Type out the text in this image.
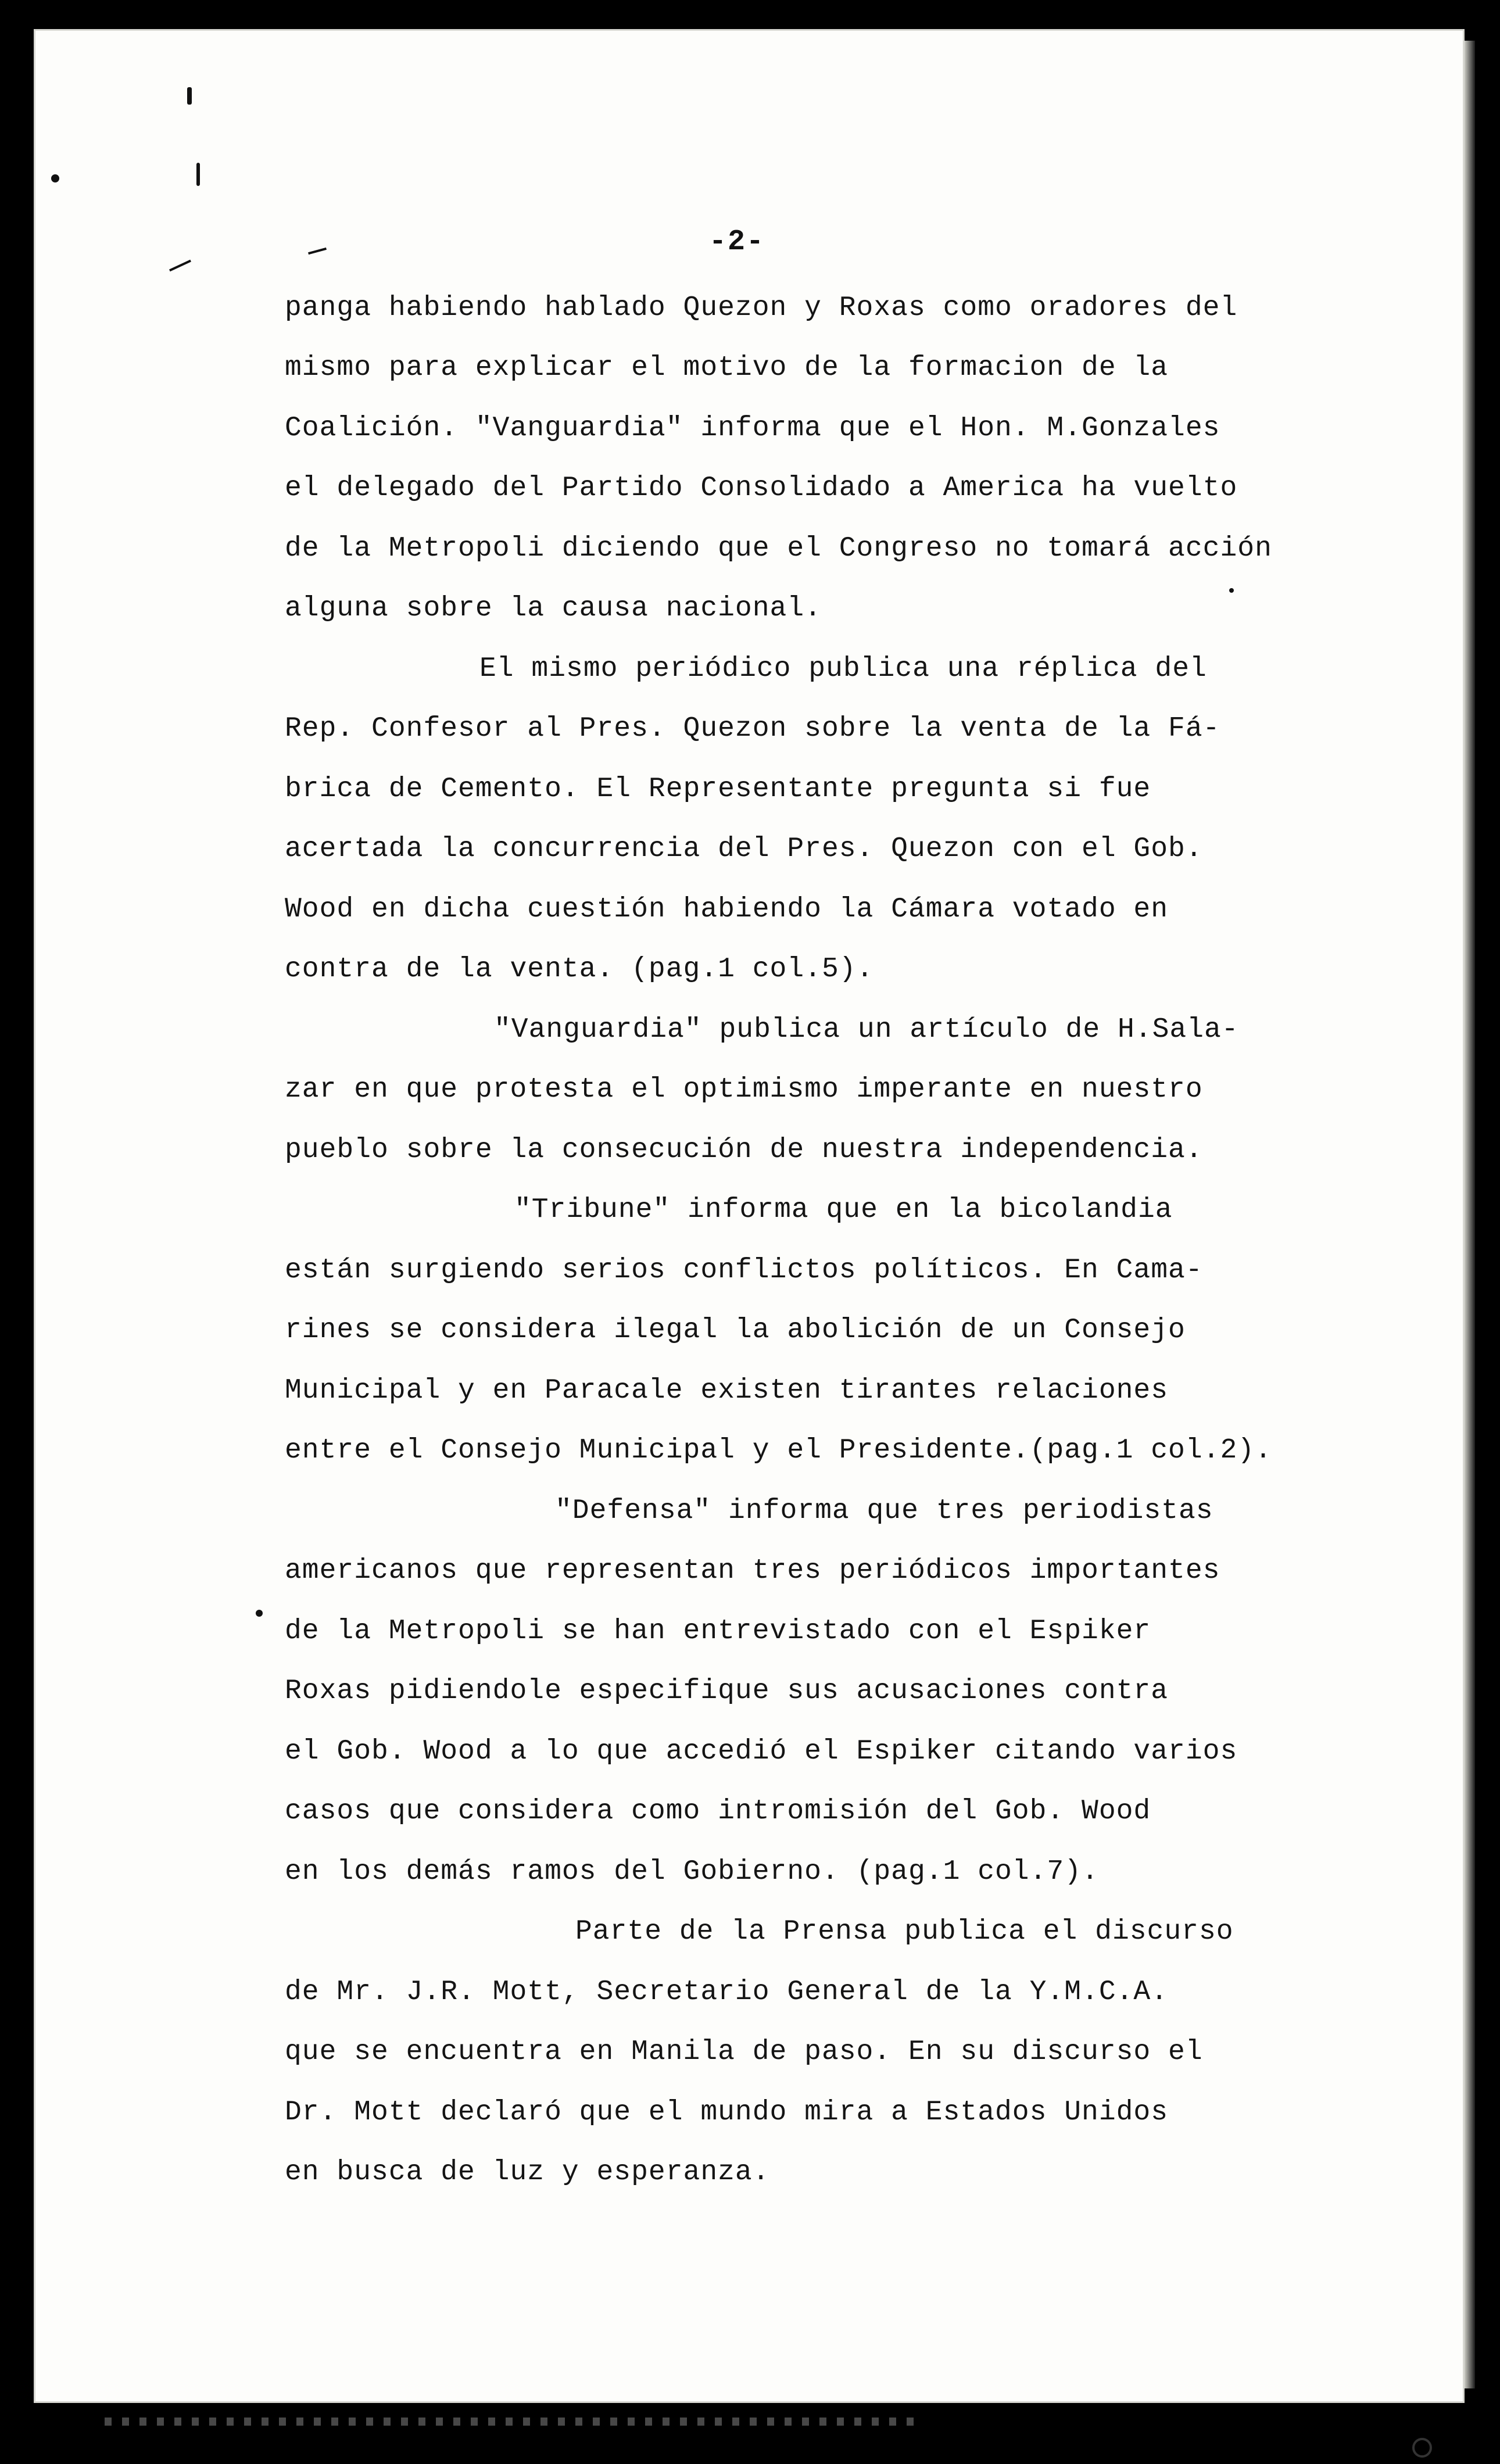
-2-
panga habiendo hablado Quezon y Roxas como oradores del
mismo para explicar el motivo de la formacion de la
Coalición. "Vanguardia" informa que el Hon. M.Gonzales
el delegado del Partido Consolidado a America ha vuelto
de la Metropoli diciendo que el Congreso no tomará acción
alguna sobre la causa nacional.
El mismo periódico publica una réplica del
Rep. Confesor al Pres. Quezon sobre la venta de la Fá-
brica de Cemento. El Representante pregunta si fue
acertada la concurrencia del Pres. Quezon con el Gob.
Wood en dicha cuestión habiendo la Cámara votado en
contra de la venta. (pag.1 col.5).
"Vanguardia" publica un artículo de H.Sala-
zar en que protesta el optimismo imperante en nuestro
pueblo sobre la consecución de nuestra independencia.
"Tribune" informa que en la bicolandia
están surgiendo serios conflictos políticos. En Cama-
rines se considera ilegal la abolición de un Consejo
Municipal y en Paracale existen tirantes relaciones
entre el Consejo Municipal y el Presidente.(pag.1 col.2).
"Defensa" informa que tres periodistas
americanos que representan tres periódicos importantes
de la Metropoli se han entrevistado con el Espiker
Roxas pidiendole especifique sus acusaciones contra
el Gob. Wood a lo que accedió el Espiker citando varios
casos que considera como intromisión del Gob. Wood
en los demás ramos del Gobierno. (pag.1 col.7).
Parte de la Prensa publica el discurso
de Mr. J.R. Mott, Secretario General de la Y.M.C.A.
que se encuentra en Manila de paso. En su discurso el
Dr. Mott declaró que el mundo mira a Estados Unidos
en busca de luz y esperanza.
